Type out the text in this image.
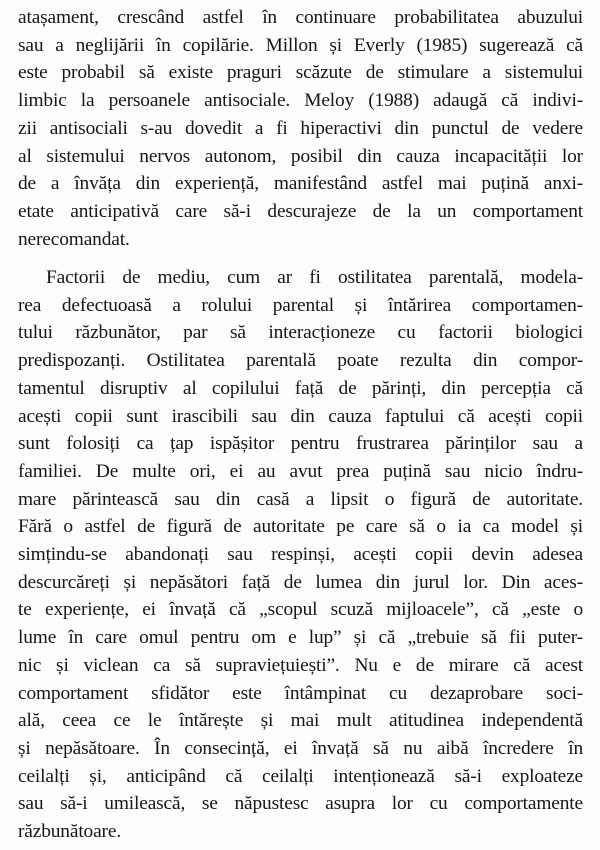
atașament, crescând astfel în continuare probabilitatea abuzului
sau a neglijării în copilărie. Millon și Everly (1985) sugerează că
este probabil să existe praguri scăzute de stimulare a sistemului
limbic la persoanele antisociale. Meloy (1988) adaugă că indivi-
zii antisociali s-au dovedit a fi hiperactivi din punctul de vedere
al sistemului nervos autonom, posibil din cauza incapacității lor
de a învăța din experiență, manifestând astfel mai puțină anxi-
etate anticipativă care să-i descurajeze de la un comportament
nerecomandat.
Factorii de mediu, cum ar fi ostilitatea parentală, modela-
rea defectuoasă a rolului parental și întărirea comportamen-
tului răzbunător, par să interacționeze cu factorii biologici
predispozanți. Ostilitatea parentală poate rezulta din compor-
tamentul disruptiv al copilului față de părinți, din percepția că
acești copii sunt irascibili sau din cauza faptului că acești copii
sunt folosiți ca țap ispășitor pentru frustrarea părinților sau a
familiei. De multe ori, ei au avut prea puțină sau nicio îndru-
mare părintească sau din casă a lipsit o figură de autoritate.
Fără o astfel de figură de autoritate pe care să o ia ca model și
simțindu-se abandonați sau respinși, acești copii devin adesea
descurcăreți și nepăsători față de lumea din jurul lor. Din aces-
te experiențe, ei învață că „scopul scuză mijloacele”, că „este o
lume în care omul pentru om e lup” și că „trebuie să fii puter-
nic și viclean ca să supraviețuiești”. Nu e de mirare că acest
comportament sfidător este întâmpinat cu dezaprobare soci-
ală, ceea ce le întărește și mai mult atitudinea independentă
și nepăsătoare. În consecință, ei învață să nu aibă încredere în
ceilalți și, anticipând că ceilalți intenționează să-i exploateze
sau să-i umilească, se năpustesc asupra lor cu comportamente
răzbunătoare.
